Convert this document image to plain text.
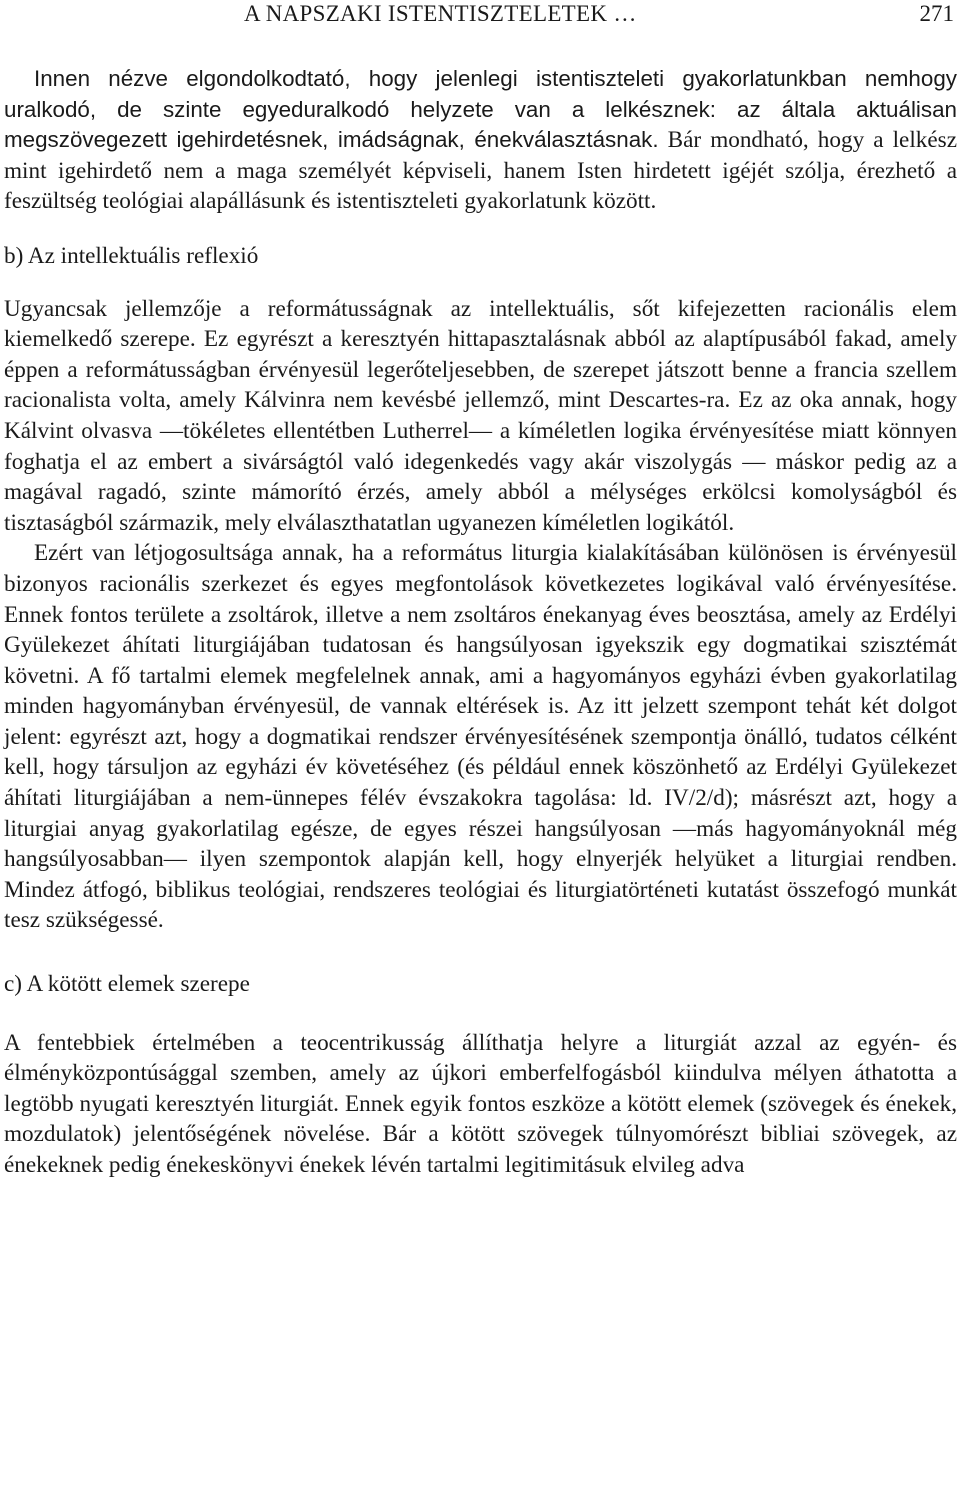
A NAPSZAKI ISTENTISZTELETEK …	271

Innen nézve elgondolkodtató, hogy jelenlegi istentiszteleti gyakorlatunkban nemhogy uralkodó, de szinte egyeduralkodó helyzete van a lelkésznek: az általa aktuálisan megszövegezett igehirdetésnek, imádságnak, énekválasztásnak. Bár mondható, hogy a lelkész mint igehirdető nem a maga személyét képviseli, hanem Isten hirdetett igéjét szólja, érezhető a feszültség teológiai alapállásunk és istentiszteleti gyakorlatunk között.

b) Az intellektuális reflexió

Ugyancsak jellemzője a reformátusságnak az intellektuális, sőt kifejezetten racionális elem kiemelkedő szerepe. Ez egyrészt a keresztyén hittapasztalásnak abból az alaptípusából fakad, amely éppen a reformátusságban érvényesül legerőteljesebben, de szerepet játszott benne a francia szellem racionalista volta, amely Kálvinra nem kevésbé jellemző, mint Descartes-ra. Ez az oka annak, hogy Kálvint olvasva —tökéletes ellentétben Lutherrel— a kíméletlen logika érvényesítése miatt könnyen foghatja el az embert a sivárságtól való idegenkedés vagy akár viszolygás — máskor pedig az a magával ragadó, szinte mámorító érzés, amely abból a mélységes erkölcsi komolyságból és tisztaságból származik, mely elválaszthatatlan ugyanezen kíméletlen logikától.

Ezért van létjogosultsága annak, ha a református liturgia kialakításában különösen is érvényesül bizonyos racionális szerkezet és egyes megfontolások következetes logikával való érvényesítése. Ennek fontos területe a zsoltárok, illetve a nem zsoltáros énekanyag éves beosztása, amely az Erdélyi Gyülekezet áhítati liturgiájában tudatosan és hangsúlyosan igyekszik egy dogmatikai szisztémát követni. A fő tartalmi elemek megfelelnek annak, ami a hagyományos egyházi évben gyakorlatilag minden hagyományban érvényesül, de vannak eltérések is. Az itt jelzett szempont tehát két dolgot jelent: egyrészt azt, hogy a dogmatikai rendszer érvényesítésének szempontja önálló, tudatos célként kell, hogy társuljon az egyházi év követéséhez (és például ennek köszönhető az Erdélyi Gyülekezet áhítati liturgiájában a nem-ünnepes félév évszakokra tagolása: ld. IV/2/d); másrészt azt, hogy a liturgiai anyag gyakorlatilag egésze, de egyes részei hangsúlyosan —más hagyományoknál még hangsúlyosabban— ilyen szempontok alapján kell, hogy elnyerjék helyüket a liturgiai rendben. Mindez átfogó, biblikus teológiai, rendszeres teológiai és liturgiatörténeti kutatást összefogó munkát tesz szükségessé.

c) A kötött elemek szerepe

A fentebbiek értelmében a teocentrikusság állíthatja helyre a liturgiát azzal az egyén- és élményközpontúsággal szemben, amely az újkori emberfelfogásból kiindulva mélyen áthatotta a legtöbb nyugati keresztyén liturgiát. Ennek egyik fontos eszköze a kötött elemek (szövegek és énekek, mozdulatok) jelentőségének növelése. Bár a kötött szövegek túlnyomórészt bibliai szövegek, az énekeknek pedig énekeskönyvi énekek lévén tartalmi legitimitásuk elvileg adva
